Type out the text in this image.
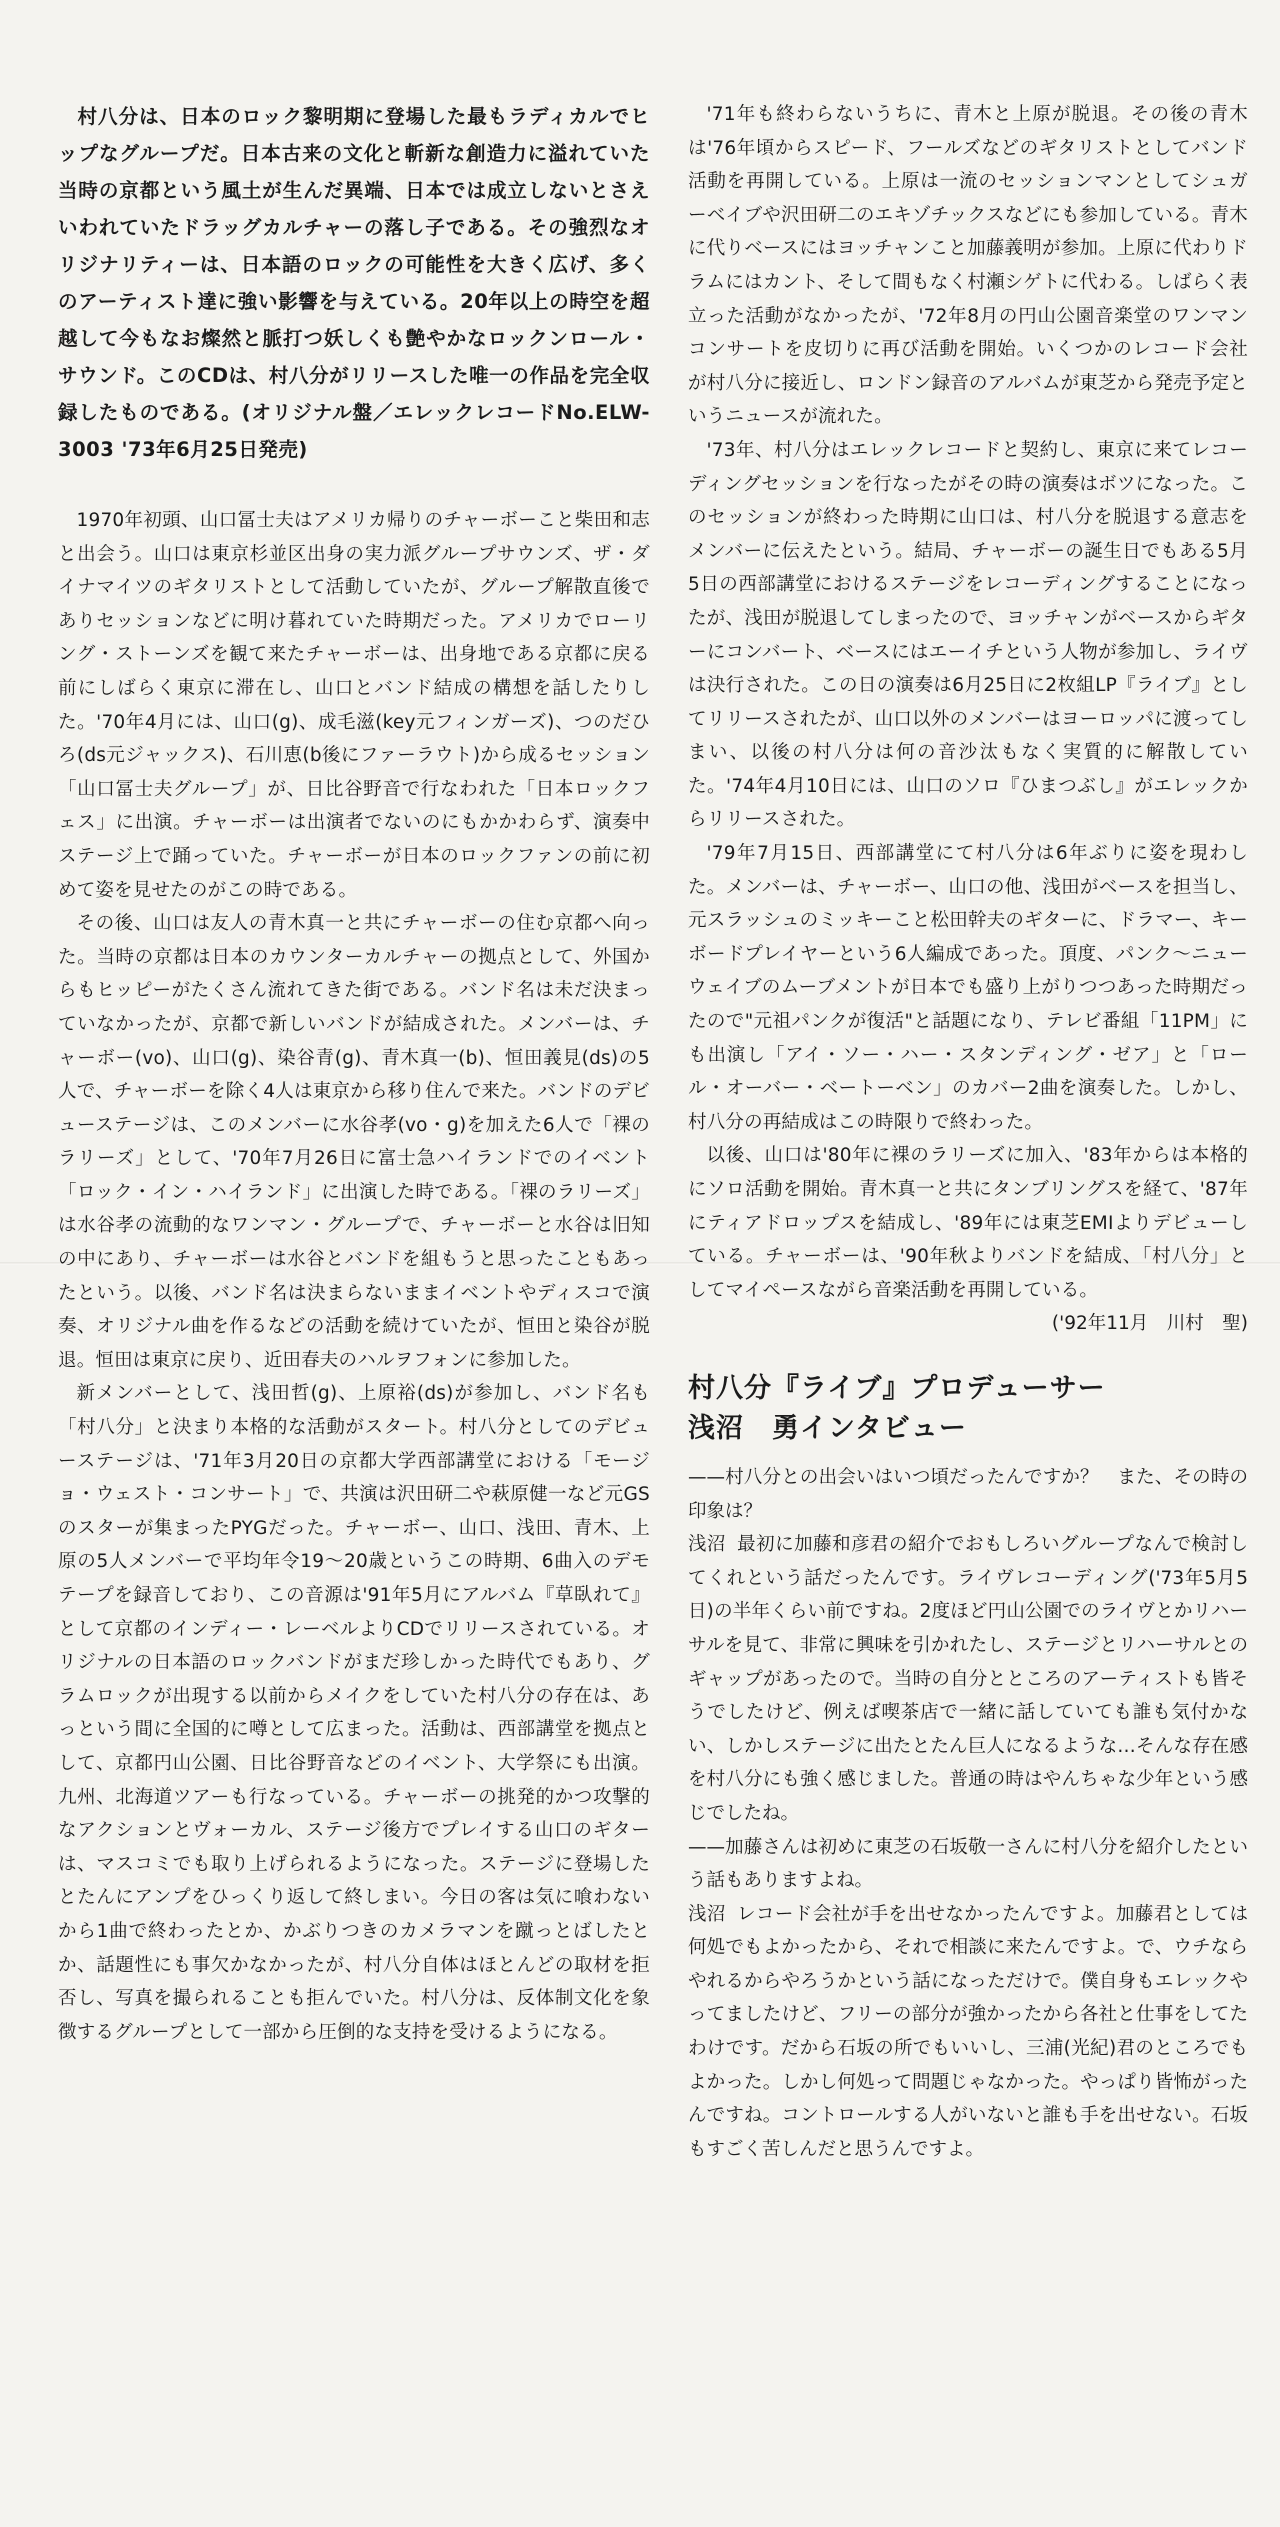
村八分は、日本のロック黎明期に登場した最もラディカルでヒップなグループだ。日本古来の文化と斬新な創造力に溢れていた当時の京都という風土が生んだ異端、日本では成立しないとさえいわれていたドラッグカルチャーの落し子である。その強烈なオリジナリティーは、日本語のロックの可能性を大きく広げ、多くのアーティスト達に強い影響を与えている。20年以上の時空を超越して今もなお燦然と脈打つ妖しくも艶やかなロックンロール・サウンド。このCDは、村八分がリリースした唯一の作品を完全収録したものである。(オリジナル盤／エレックレコードNo.ELW-3003 '73年6月25日発売)

1970年初頭、山口冨士夫はアメリカ帰りのチャーボーこと柴田和志と出会う。山口は東京杉並区出身の実力派グループサウンズ、ザ・ダイナマイツのギタリストとして活動していたが、グループ解散直後でありセッションなどに明け暮れていた時期だった。アメリカでローリング・ストーンズを観て来たチャーボーは、出身地である京都に戻る前にしばらく東京に滞在し、山口とバンド結成の構想を話したりした。'70年4月には、山口(g)、成毛滋(key元フィンガーズ)、つのだひろ(ds元ジャックス)、石川恵(b後にファーラウト)から成るセッション「山口冨士夫グループ」が、日比谷野音で行なわれた「日本ロックフェス」に出演。チャーボーは出演者でないのにもかかわらず、演奏中ステージ上で踊っていた。チャーボーが日本のロックファンの前に初めて姿を見せたのがこの時である。

その後、山口は友人の青木真一と共にチャーボーの住む京都へ向った。当時の京都は日本のカウンターカルチャーの拠点として、外国からもヒッピーがたくさん流れてきた街である。バンド名は未だ決まっていなかったが、京都で新しいバンドが結成された。メンバーは、チャーボー(vo)、山口(g)、染谷青(g)、青木真一(b)、恒田義見(ds)の5人で、チャーボーを除く4人は東京から移り住んで来た。バンドのデビューステージは、このメンバーに水谷孝(vo・g)を加えた6人で「裸のラリーズ」として、'70年7月26日に富士急ハイランドでのイベント「ロック・イン・ハイランド」に出演した時である。「裸のラリーズ」は水谷孝の流動的なワンマン・グループで、チャーボーと水谷は旧知の中にあり、チャーボーは水谷とバンドを組もうと思ったこともあったという。以後、バンド名は決まらないままイベントやディスコで演奏、オリジナル曲を作るなどの活動を続けていたが、恒田と染谷が脱退。恒田は東京に戻り、近田春夫のハルヲフォンに参加した。

新メンバーとして、浅田哲(g)、上原裕(ds)が参加し、バンド名も「村八分」と決まり本格的な活動がスタート。村八分としてのデビューステージは、'71年3月20日の京都大学西部講堂における「モージョ・ウェスト・コンサート」で、共演は沢田研二や萩原健一など元GSのスターが集まったPYGだった。チャーボー、山口、浅田、青木、上原の5人メンバーで平均年令19〜20歳というこの時期、6曲入のデモテープを録音しており、この音源は'91年5月にアルバム『草臥れて』として京都のインディー・レーベルよりCDでリリースされている。オリジナルの日本語のロックバンドがまだ珍しかった時代でもあり、グラムロックが出現する以前からメイクをしていた村八分の存在は、あっという間に全国的に噂として広まった。活動は、西部講堂を拠点として、京都円山公園、日比谷野音などのイベント、大学祭にも出演。九州、北海道ツアーも行なっている。チャーボーの挑発的かつ攻撃的なアクションとヴォーカル、ステージ後方でプレイする山口のギターは、マスコミでも取り上げられるようになった。ステージに登場したとたんにアンプをひっくり返して終しまい。今日の客は気に喰わないから1曲で終わったとか、かぶりつきのカメラマンを蹴っとばしたとか、話題性にも事欠かなかったが、村八分自体はほとんどの取材を拒否し、写真を撮られることも拒んでいた。村八分は、反体制文化を象徴するグループとして一部から圧倒的な支持を受けるようになる。

'71年も終わらないうちに、青木と上原が脱退。その後の青木は'76年頃からスピード、フールズなどのギタリストとしてバンド活動を再開している。上原は一流のセッションマンとしてシュガーベイブや沢田研二のエキゾチックスなどにも参加している。青木に代りベースにはヨッチャンこと加藤義明が参加。上原に代わりドラムにはカント、そして間もなく村瀬シゲトに代わる。しばらく表立った活動がなかったが、'72年8月の円山公園音楽堂のワンマンコンサートを皮切りに再び活動を開始。いくつかのレコード会社が村八分に接近し、ロンドン録音のアルバムが東芝から発売予定というニュースが流れた。

'73年、村八分はエレックレコードと契約し、東京に来てレコーディングセッションを行なったがその時の演奏はボツになった。このセッションが終わった時期に山口は、村八分を脱退する意志をメンバーに伝えたという。結局、チャーボーの誕生日でもある5月5日の西部講堂におけるステージをレコーディングすることになったが、浅田が脱退してしまったので、ヨッチャンがベースからギターにコンバート、ベースにはエーイチという人物が参加し、ライヴは決行された。この日の演奏は6月25日に2枚組LP『ライブ』としてリリースされたが、山口以外のメンバーはヨーロッパに渡ってしまい、以後の村八分は何の音沙汰もなく実質的に解散していた。'74年4月10日には、山口のソロ『ひまつぶし』がエレックからリリースされた。

'79年7月15日、西部講堂にて村八分は6年ぶりに姿を現わした。メンバーは、チャーボー、山口の他、浅田がベースを担当し、元スラッシュのミッキーこと松田幹夫のギターに、ドラマー、キーボードプレイヤーという6人編成であった。頂度、パンク〜ニューウェイブのムーブメントが日本でも盛り上がりつつあった時期だったので"元祖パンクが復活"と話題になり、テレビ番組「11PM」にも出演し「アイ・ソー・ハー・スタンディング・ゼア」と「ロール・オーバー・ベートーベン」のカバー2曲を演奏した。しかし、村八分の再結成はこの時限りで終わった。

以後、山口は'80年に裸のラリーズに加入、'83年からは本格的にソロ活動を開始。青木真一と共にタンブリングスを経て、'87年にティアドロップスを結成し、'89年には東芝EMIよりデビューしている。チャーボーは、'90年秋よりバンドを結成、「村八分」としてマイペースながら音楽活動を再開している。

('92年11月　川村　聖)
村八分『ライブ』プロデューサー
浅沼　勇インタビュー

——村八分との出会いはいつ頃だったんですか？　また、その時の印象は？

浅沼 最初に加藤和彦君の紹介でおもしろいグループなんで検討してくれという話だったんです。ライヴレコーディング('73年5月5日)の半年くらい前ですね。2度ほど円山公園でのライヴとかリハーサルを見て、非常に興味を引かれたし、ステージとリハーサルとのギャップがあったので。当時の自分とところのアーティストも皆そうでしたけど、例えば喫茶店で一緒に話していても誰も気付かない、しかしステージに出たとたん巨人になるような…そんな存在感を村八分にも強く感じました。普通の時はやんちゃな少年という感じでしたね。

——加藤さんは初めに東芝の石坂敬一さんに村八分を紹介したという話もありますよね。

浅沼 レコード会社が手を出せなかったんですよ。加藤君としては何処でもよかったから、それで相談に来たんですよ。で、ウチならやれるからやろうかという話になっただけで。僕自身もエレックやってましたけど、フリーの部分が強かったから各社と仕事をしてたわけです。だから石坂の所でもいいし、三浦(光紀)君のところでもよかった。しかし何処って問題じゃなかった。やっぱり皆怖がったんですね。コントロールする人がいないと誰も手を出せない。石坂もすごく苦しんだと思うんですよ。
